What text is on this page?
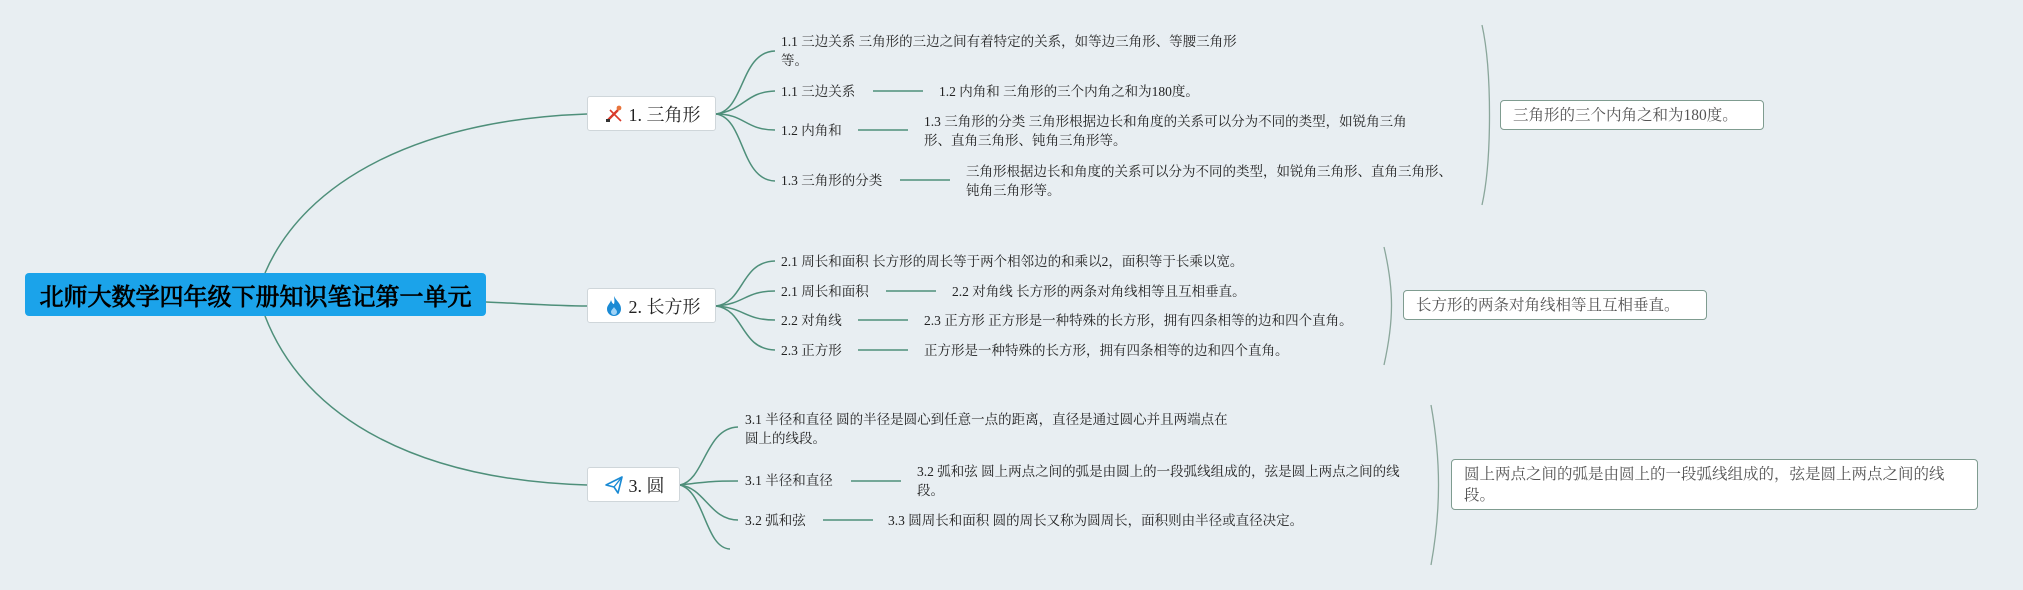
北师大数学四年级下册知识笔记第一单元
1. 三角形
1.1 三边关系 三角形的三边之间有着特定的关系，如等边三角形、等腰三角形等。
1.1 三边关系
1.2 内角和
1.3 三角形的分类
1.2 内角和 三角形的三个内角之和为180度。
1.3 三角形的分类 三角形根据边长和角度的关系可以分为不同的类型，如锐角三角形、直角三角形、钝角三角形等。
三角形根据边长和角度的关系可以分为不同的类型，如锐角三角形、直角三角形、钝角三角形等。
三角形的三个内角之和为180度。
2. 长方形
2.1 周长和面积 长方形的周长等于两个相邻边的和乘以2，面积等于长乘以宽。
2.1 周长和面积
2.2 对角线
2.3 正方形
2.2 对角线 长方形的两条对角线相等且互相垂直。
2.3 正方形 正方形是一种特殊的长方形，拥有四条相等的边和四个直角。
正方形是一种特殊的长方形，拥有四条相等的边和四个直角。
长方形的两条对角线相等且互相垂直。
3. 圆
3.1 半径和直径 圆的半径是圆心到任意一点的距离，直径是通过圆心并且两端点在圆上的线段。
3.1 半径和直径
3.2 弧和弦
3.2 弧和弦 圆上两点之间的弧是由圆上的一段弧线组成的，弦是圆上两点之间的线段。
3.3 圆周长和面积 圆的周长又称为圆周长，面积则由半径或直径决定。
圆上两点之间的弧是由圆上的一段弧线组成的，弦是圆上两点之间的线段。
